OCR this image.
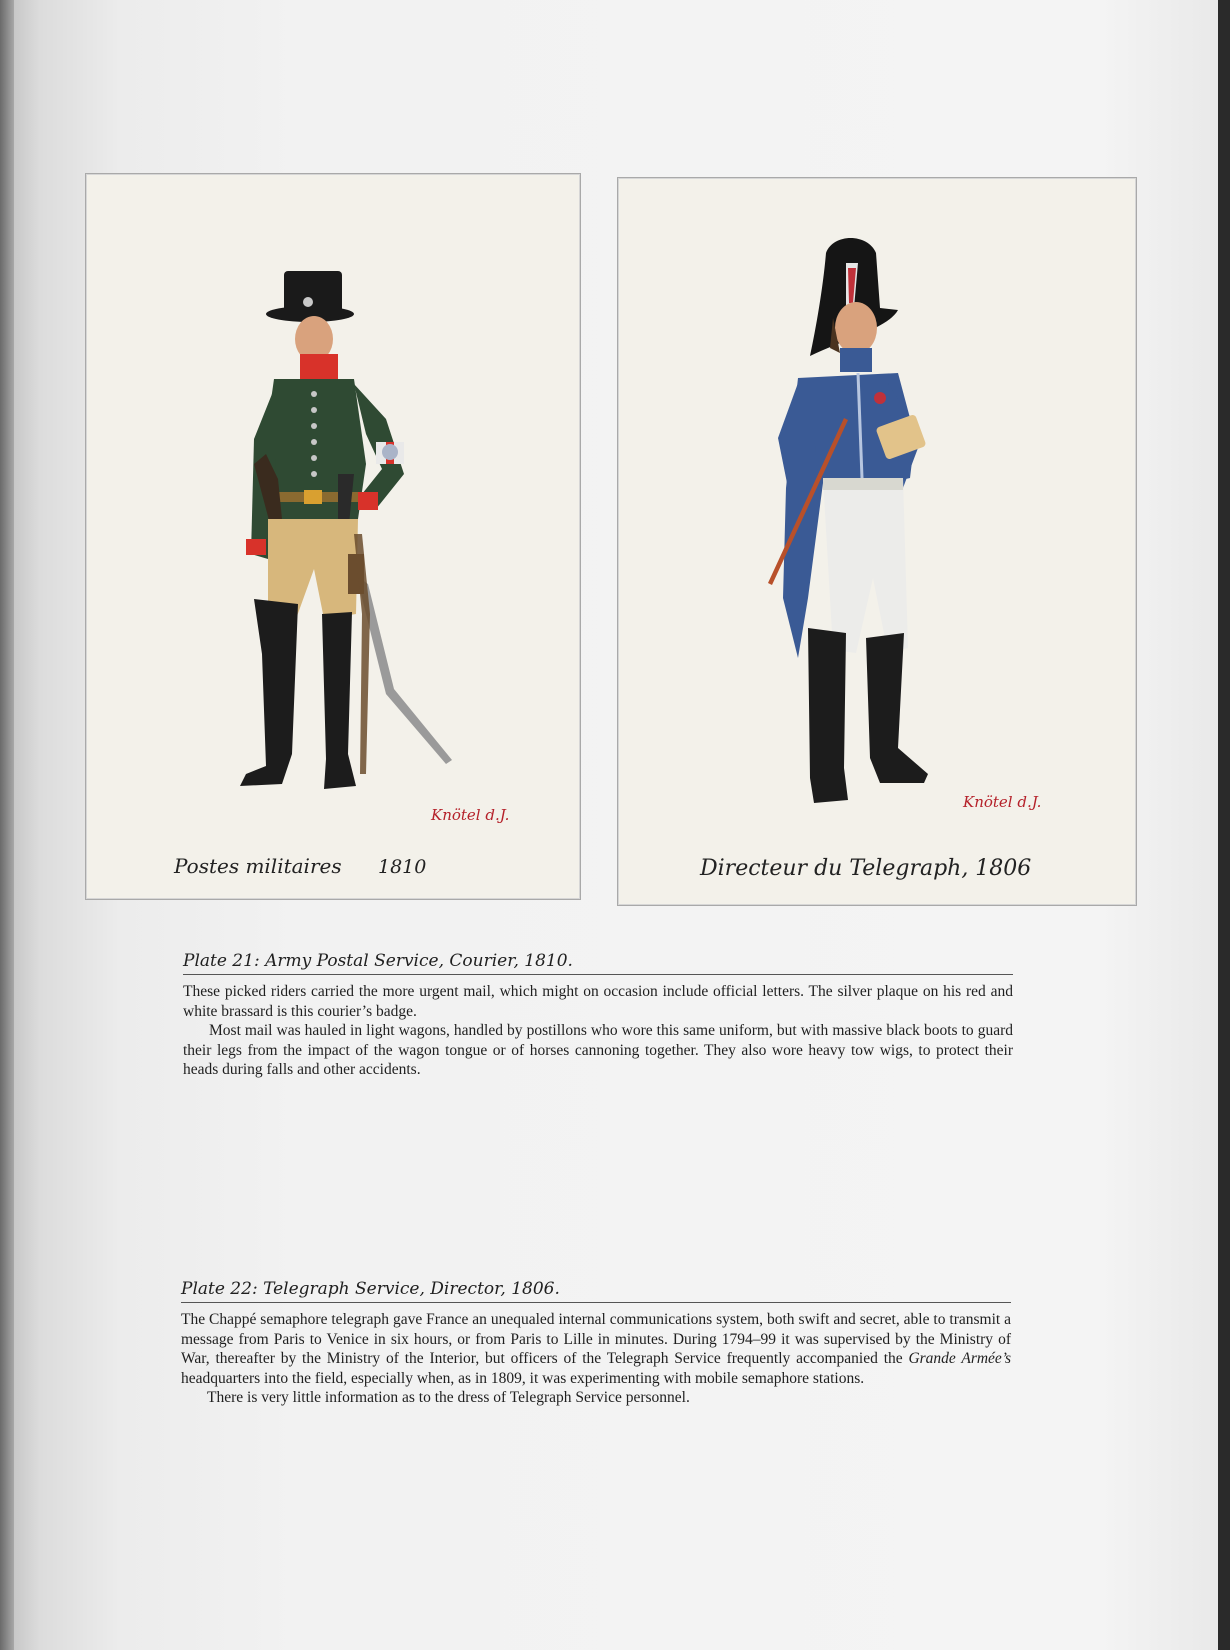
Postes militaires 1810
Knötel d.J.
Directeur du Telegraph, 1806
Knötel d.J.
Plate 21: Army Postal Service, Courier, 1810.

These picked riders carried the more urgent mail, which might on occasion include official letters. The silver plaque on his red and white brassard is this courier’s badge.

Most mail was hauled in light wagons, handled by postillons who wore this same uniform, but with massive black boots to guard their legs from the impact of the wagon tongue or of horses cannoning together. They also wore heavy tow wigs, to protect their heads during falls and other accidents.

Plate 22: Telegraph Service, Director, 1806.

The Chappé semaphore telegraph gave France an unequaled internal communications system, both swift and secret, able to transmit a message from Paris to Venice in six hours, or from Paris to Lille in minutes. During 1794–99 it was supervised by the Ministry of War, thereafter by the Ministry of the Interior, but officers of the Telegraph Service frequently accompanied the Grande Armée’s headquarters into the field, especially when, as in 1809, it was experimenting with mobile semaphore stations.

There is very little information as to the dress of Telegraph Service personnel.
